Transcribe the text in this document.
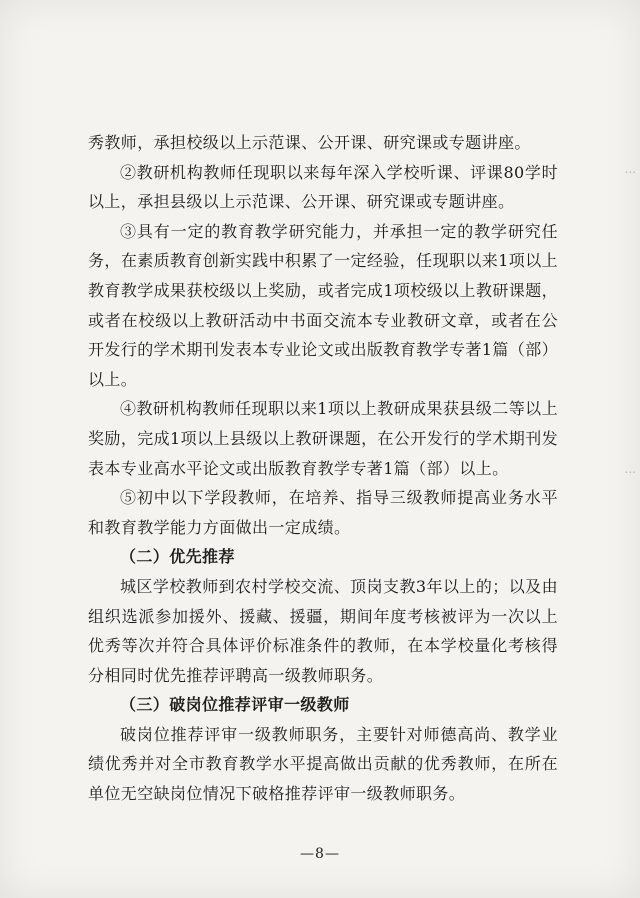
...
...

秀教师，承担校级以上示范课、公开课、研究课或专题讲座。

②教研机构教师任现职以来每年深入学校听课、评课80学时以上，承担县级以上示范课、公开课、研究课或专题讲座。

③具有一定的教育教学研究能力，并承担一定的教学研究任务，在素质教育创新实践中积累了一定经验，任现职以来1项以上教育教学成果获校级以上奖励，或者完成1项校级以上教研课题，或者在校级以上教研活动中书面交流本专业教研文章，或者在公开发行的学术期刊发表本专业论文或出版教育教学专著1篇（部）以上。

④教研机构教师任现职以来1项以上教研成果获县级二等以上奖励，完成1项以上县级以上教研课题，在公开发行的学术期刊发表本专业高水平论文或出版教育教学专著1篇（部）以上。

⑤初中以下学段教师，在培养、指导三级教师提高业务水平和教育教学能力方面做出一定成绩。

（二）优先推荐

城区学校教师到农村学校交流、顶岗支教3年以上的；以及由组织选派参加援外、援藏、援疆，期间年度考核被评为一次以上优秀等次并符合具体评价标准条件的教师，在本学校量化考核得分相同时优先推荐评聘高一级教师职务。

（三）破岗位推荐评审一级教师

破岗位推荐评审一级教师职务，主要针对师德高尚、教学业绩优秀并对全市教育教学水平提高做出贡献的优秀教师，在所在单位无空缺岗位情况下破格推荐评审一级教师职务。

—8—
